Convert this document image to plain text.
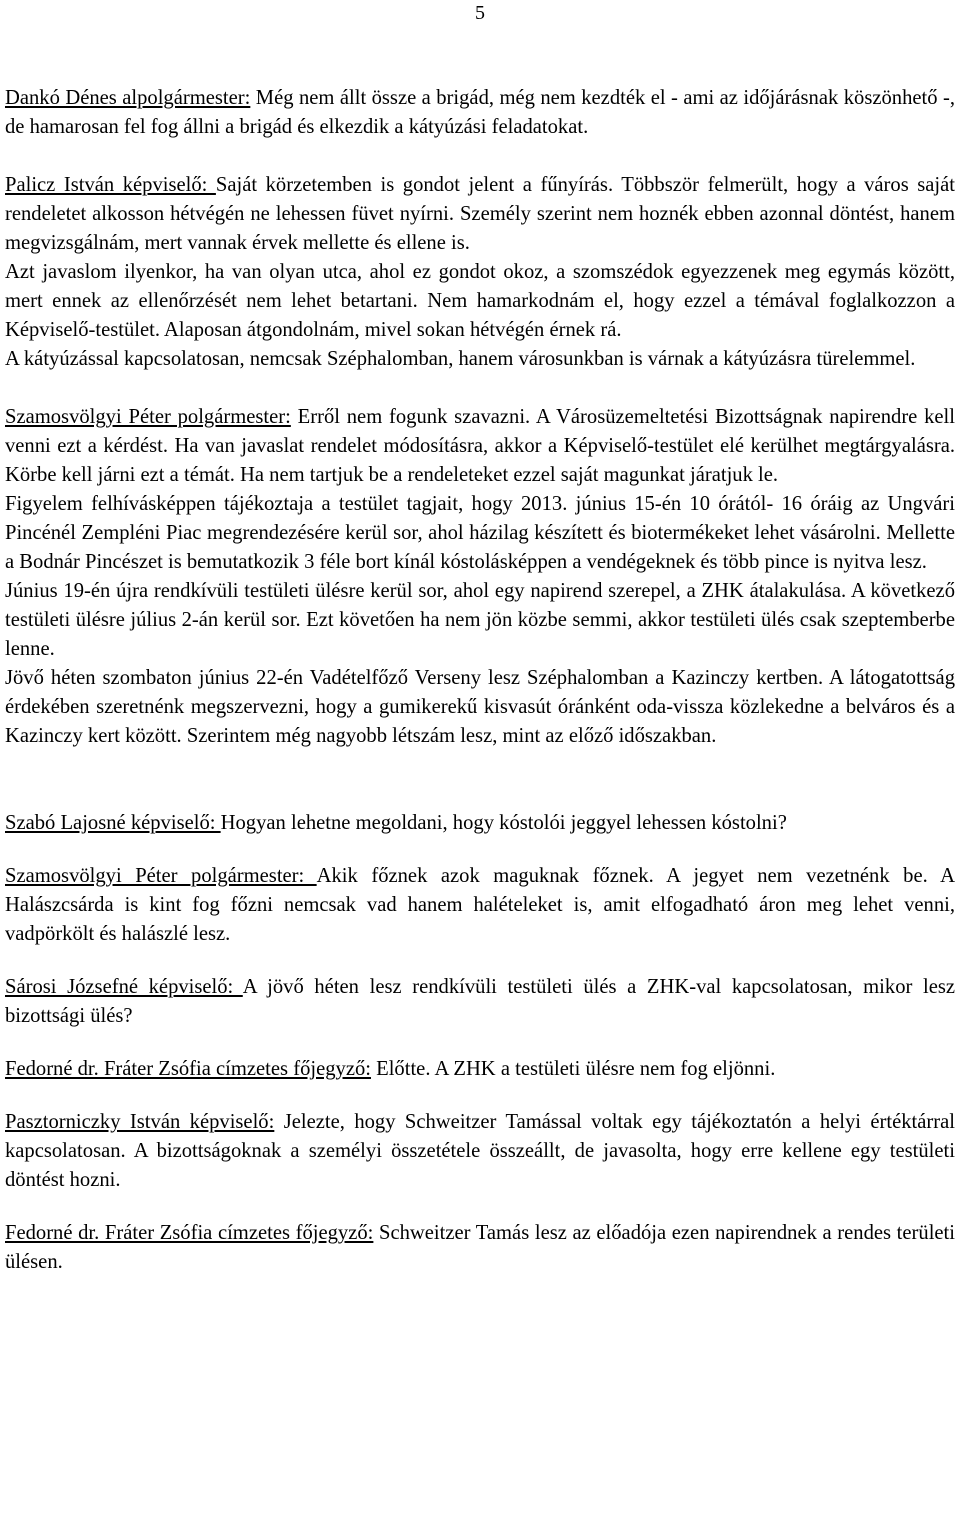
5

Dankó Dénes alpolgármester: Még nem állt össze a brigád, még nem kezdték el - ami az időjárásnak köszönhető -, de hamarosan fel fog állni a brigád és elkezdik a kátyúzási feladatokat.

Palicz István képviselő: Saját körzetemben is gondot jelent a fűnyírás. Többször felmerült, hogy a város saját rendeletet alkosson hétvégén ne lehessen füvet nyírni. Személy szerint nem hoznék ebben azonnal döntést, hanem megvizsgálnám, mert vannak érvek mellette és ellene is.

Azt javaslom ilyenkor, ha van olyan utca, ahol ez gondot okoz, a szomszédok egyezzenek meg egymás között, mert ennek az ellenőrzését nem lehet betartani. Nem hamarkodnám el, hogy ezzel a témával foglalkozzon a Képviselő-testület. Alaposan átgondolnám, mivel sokan hétvégén érnek rá.

A kátyúzással kapcsolatosan, nemcsak Széphalomban, hanem városunkban is várnak a kátyúzásra türelemmel.

Szamosvölgyi Péter polgármester: Erről nem fogunk szavazni. A Városüzemeltetési Bizottságnak napirendre kell venni ezt a kérdést. Ha van javaslat rendelet módosításra, akkor a Képviselő-testület elé kerülhet megtárgyalásra. Körbe kell járni ezt a témát. Ha nem tartjuk be a rendeleteket ezzel saját magunkat járatjuk le.

Figyelem felhívásképpen tájékoztaja a testület tagjait, hogy 2013. június 15-én 10 órától- 16 óráig az Ungvári Pincénél Zempléni Piac megrendezésére kerül sor, ahol házilag készített és biotermékeket lehet vásárolni. Mellette a Bodnár Pincészet is bemutatkozik 3 féle bort kínál kóstolásképpen a vendégeknek és több pince is nyitva lesz.

Június 19-én újra rendkívüli testületi ülésre kerül sor, ahol egy napirend szerepel, a ZHK átalakulása. A következő testületi ülésre július 2-án kerül sor. Ezt követően ha nem jön közbe semmi, akkor testületi ülés csak szeptemberbe lenne.

Jövő héten szombaton június 22-én Vadételfőző Verseny lesz Széphalomban a Kazinczy kertben. A látogatottság érdekében szeretnénk megszervezni, hogy a gumikerekű kisvasút óránként oda-vissza közlekedne a belváros és a Kazinczy kert között. Szerintem még nagyobb létszám lesz, mint az előző időszakban.

Szabó Lajosné képviselő: Hogyan lehetne megoldani, hogy kóstolói jeggyel lehessen kóstolni?

Szamosvölgyi Péter polgármester: Akik főznek azok maguknak főznek. A jegyet nem vezetnénk be. A Halászcsárda is kint fog főzni nemcsak vad hanem halételeket is, amit elfogadható áron meg lehet venni, vadpörkölt és halászlé lesz.

Sárosi Józsefné képviselő: A jövő héten lesz rendkívüli testületi ülés a ZHK-val kapcsolatosan, mikor lesz bizottsági ülés?

Fedorné dr. Fráter Zsófia címzetes főjegyző: Előtte. A ZHK a testületi ülésre nem fog eljönni.

Pasztorniczky István képviselő: Jelezte, hogy Schweitzer Tamással voltak egy tájékoztatón a helyi értéktárral kapcsolatosan. A bizottságoknak a személyi összetétele összeállt, de javasolta, hogy erre kellene egy testületi döntést hozni.

Fedorné dr. Fráter Zsófia címzetes főjegyző: Schweitzer Tamás lesz az előadója ezen napirendnek a rendes területi ülésen.
